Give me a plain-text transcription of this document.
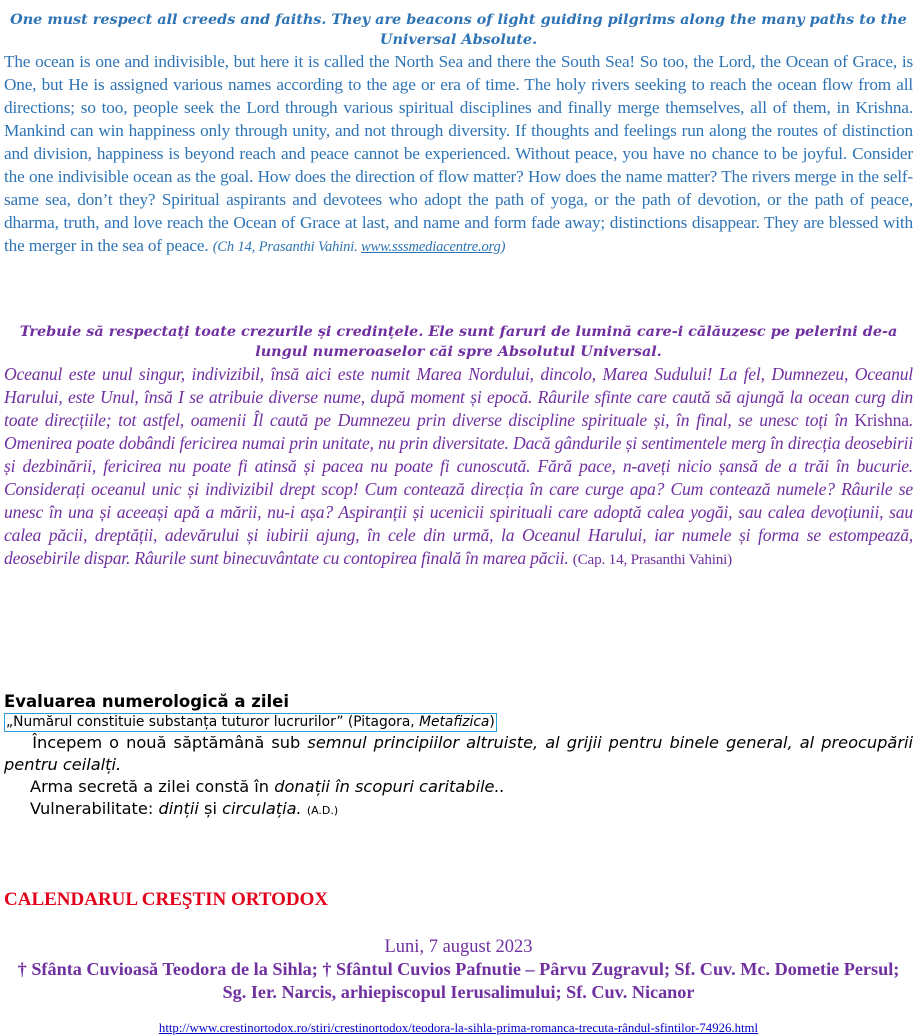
One must respect all creeds and faiths. They are beacons of light guiding pilgrims along the many paths to the Universal Absolute.
The ocean is one and indivisible, but here it is called the North Sea and there the South Sea! So too, the Lord, the Ocean of Grace, is One, but He is assigned various names according to the age or era of time. The holy rivers seeking to reach the ocean flow from all directions; so too, people seek the Lord through various spiritual disciplines and finally merge themselves, all of them, in Krishna. Mankind can win happiness only through unity, and not through diversity. If thoughts and feelings run along the routes of distinction and division, happiness is beyond reach and peace cannot be experienced. Without peace, you have no chance to be joyful. Consider the one indivisible ocean as the goal. How does the direction of flow matter? How does the name matter? The rivers merge in the self-same sea, don’t they? Spiritual aspirants and devotees who adopt the path of yoga, or the path of devotion, or the path of peace, dharma, truth, and love reach the Ocean of Grace at last, and name and form fade away; distinctions disappear. They are blessed with the merger in the sea of peace. (Ch 14, Prasanthi Vahini. www.sssmediacentre.org)
Trebuie să respectați toate crezurile și credințele. Ele sunt faruri de lumină care-i călăuzesc pe pelerini de-a lungul numeroaselor căi spre Absolutul Universal.
Oceanul este unul singur, indivizibil, însă aici este numit Marea Nordului, dincolo, Marea Sudului! La fel, Dumnezeu, Oceanul Harului, este Unul, însă I se atribuie diverse nume, după moment și epocă. Râurile sfinte care caută să ajungă la ocean curg din toate direcțiile; tot astfel, oamenii Îl caută pe Dumnezeu prin diverse discipline spirituale și, în final, se unesc toți în Krishna. Omenirea poate dobândi fericirea numai prin unitate, nu prin diversitate. Dacă gândurile și sentimentele merg în direcția deosebirii și dezbinării, fericirea nu poate fi atinsă și pacea nu poate fi cunoscută. Fără pace, n-aveți nicio șansă de a trăi în bucurie. Considerați oceanul unic și indivizibil drept scop! Cum contează direcția în care curge apa? Cum contează numele? Râurile se unesc în una și aceeași apă a mării, nu-i așa? Aspiranții și ucenicii spirituali care adoptă calea yogăi, sau calea devoțiunii, sau calea păcii, dreptății, adevărului și iubirii ajung, în cele din urmă, la Oceanul Harului, iar numele și forma se estompează, deosebirile dispar. Râurile sunt binecuvântate cu contopirea finală în marea păcii. (Cap. 14, Prasanthi Vahini)
Evaluarea numerologică a zilei
„Numărul constituie substanța tuturor lucrurilor” (Pitagora, Metafizica)
Începem o nouă săptămână sub semnul principiilor altruiste, al grijii pentru binele general, al preocupării pentru ceilalți.
Arma secretă a zilei constă în donații în scopuri caritabile..
Vulnerabilitate: dinții și circulația. (A.D.)
CALENDARUL CREŞTIN ORTODOX
Luni, 7 august 2023
† Sfânta Cuvioasă Teodora de la Sihla; † Sfântul Cuvios Pafnutie – Pârvu Zugravul; Sf. Cuv. Mc. Dometie Persul; Sg. Ier. Narcis, arhiepiscopul Ierusalimului; Sf. Cuv. Nicanor
http://www.crestinortodox.ro/stiri/crestinortodox/teodora-la-sihla-prima-romanca-trecuta-rândul-sfintilor-74926.html
